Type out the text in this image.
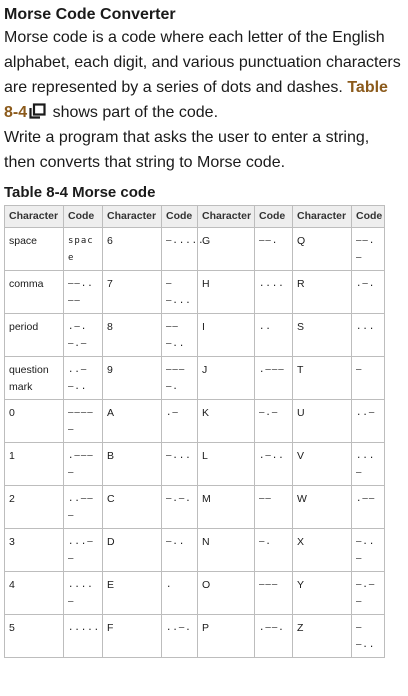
Morse Code Converter

Morse code is a code where each letter of the English alphabet, each digit, and various punctuation characters are represented by a series of dots and dashes. Table 8-4 shows part of the code.

Write a program that asks the user to enter a string, then converts that string to Morse code.

Table 8-4 Morse code
Character	Code	Character	Code	Character	Code	Character	Code
space	space	6	–.....	G	––.	Q	––.–
comma	––..––	7	––...	H	....	R	.–.
period	.–.–.–	8	–––..	I	..	S	...
question mark	..––..	9	––––.	J	.–––	T	–
0	–––––	A	.–	K	–.–	U	..–
1	.––––	B	–...	L	.–..	V	...–
2	..–––	C	–.–.	M	––	W	.––
3	...––	D	–..	N	–.	X	–..–
4	....–	E	.	O	–––	Y	–.––
5	.....	F	..–.	P	.––.	Z	––..
